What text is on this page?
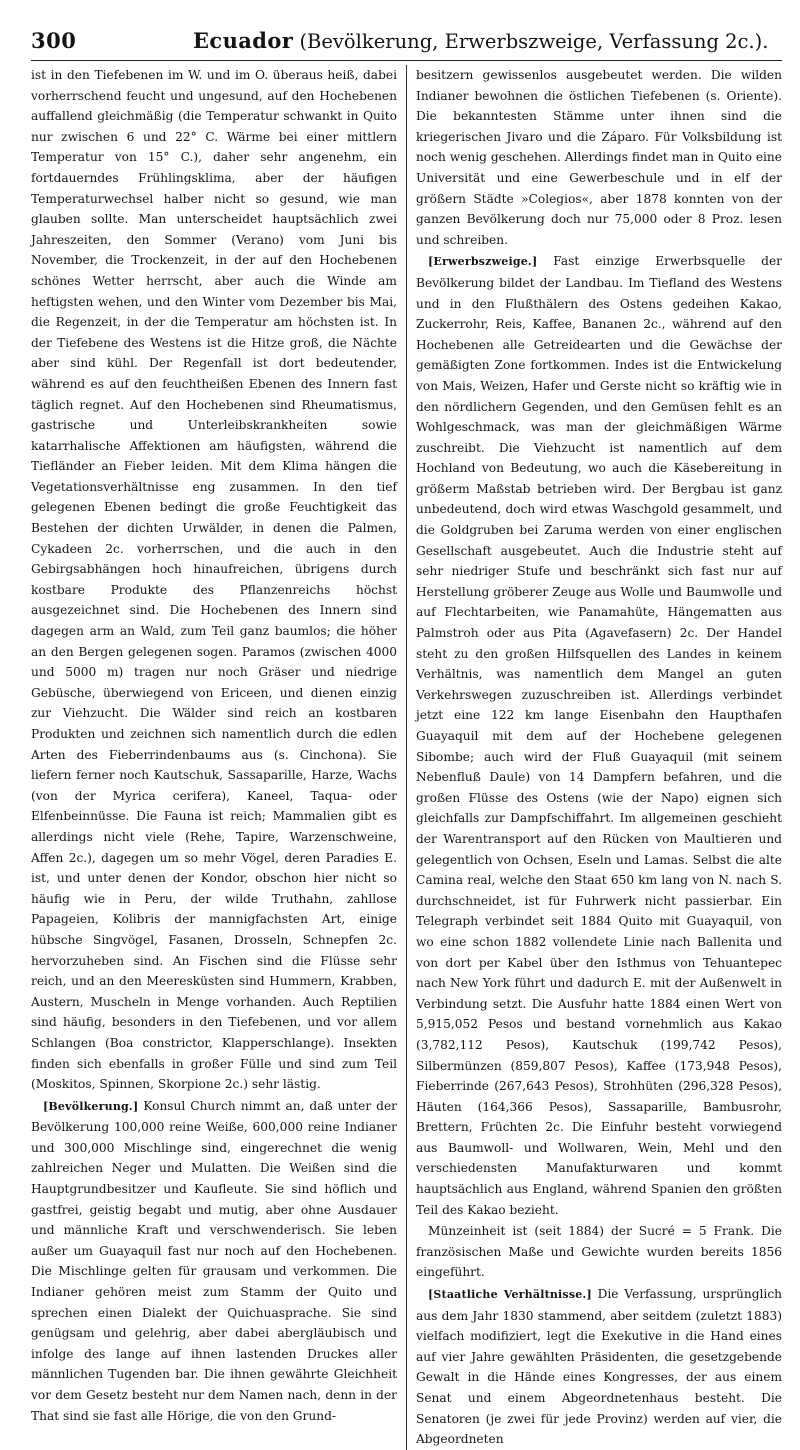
300	Ecuador (Bevölkerung, Erwerbszweige, Verfassung 2c.).

ist in den Tiefebenen im W. und im O. überaus heiß, dabei vorherrschend feucht und ungesund, auf den Hochebenen auffallend gleichmäßig (die Temperatur schwankt in Quito nur zwischen 6 und 22° C. Wärme bei einer mittlern Temperatur von 15° C.), daher sehr angenehm, ein fortdauerndes Frühlingsklima, aber der häufigen Temperaturwechsel halber nicht so gesund, wie man glauben sollte. Man unterscheidet hauptsächlich zwei Jahreszeiten, den Sommer (Verano) vom Juni bis November, die Trockenzeit, in der auf den Hochebenen schönes Wetter herrscht, aber auch die Winde am heftigsten wehen, und den Winter vom Dezember bis Mai, die Regenzeit, in der die Temperatur am höchsten ist. In der Tiefebene des Westens ist die Hitze groß, die Nächte aber sind kühl. Der Regenfall ist dort bedeutender, während es auf den feuchtheißen Ebenen des Innern fast täglich regnet. Auf den Hochebenen sind Rheumatismus, gastrische und Unterleibskrankheiten sowie katarrhalische Affektionen am häufigsten, während die Tiefländer an Fieber leiden. Mit dem Klima hängen die Vegetationsverhältnisse eng zusammen. In den tief gelegenen Ebenen bedingt die große Feuchtigkeit das Bestehen der dichten Urwälder, in denen die Palmen, Cykadeen 2c. vorherrschen, und die auch in den Gebirgsabhängen hoch hinaufreichen, übrigens durch kostbare Produkte des Pflanzenreichs höchst ausgezeichnet sind. Die Hochebenen des Innern sind dagegen arm an Wald, zum Teil ganz baumlos; die höher an den Bergen gelegenen sogen. Paramos (zwischen 4000 und 5000 m) tragen nur noch Gräser und niedrige Gebüsche, überwiegend von Ericeen, und dienen einzig zur Viehzucht. Die Wälder sind reich an kostbaren Produkten und zeichnen sich namentlich durch die edlen Arten des Fieberrindenbaums aus (s. Cinchona). Sie liefern ferner noch Kautschuk, Sassaparille, Harze, Wachs (von der Myrica cerifera), Kaneel, Taqua- oder Elfenbeinnüsse. Die Fauna ist reich; Mammalien gibt es allerdings nicht viele (Rehe, Tapire, Warzenschweine, Affen 2c.), dagegen um so mehr Vögel, deren Paradies E. ist, und unter denen der Kondor, obschon hier nicht so häufig wie in Peru, der wilde Truthahn, zahllose Papageien, Kolibris der mannigfachsten Art, einige hübsche Singvögel, Fasanen, Drosseln, Schnepfen 2c. hervorzuheben sind. An Fischen sind die Flüsse sehr reich, und an den Meeresküsten sind Hummern, Krabben, Austern, Muscheln in Menge vorhanden. Auch Reptilien sind häufig, besonders in den Tiefebenen, und vor allem Schlangen (Boa constrictor, Klapperschlange). Insekten finden sich ebenfalls in großer Fülle und sind zum Teil (Moskitos, Spinnen, Skorpione 2c.) sehr lästig.

[Bevölkerung.] Konsul Church nimmt an, daß unter der Bevölkerung 100,000 reine Weiße, 600,000 reine Indianer und 300,000 Mischlinge sind, eingerechnet die wenig zahlreichen Neger und Mulatten. Die Weißen sind die Hauptgrundbesitzer und Kaufleute. Sie sind höflich und gastfrei, geistig begabt und mutig, aber ohne Ausdauer und männliche Kraft und verschwenderisch. Sie leben außer um Guayaquil fast nur noch auf den Hochebenen. Die Mischlinge gelten für grausam und verkommen. Die Indianer gehören meist zum Stamm der Quito und sprechen einen Dialekt der Quichuasprache. Sie sind genügsam und gelehrig, aber dabei abergläubisch und infolge des lange auf ihnen lastenden Druckes aller männlichen Tugenden bar. Die ihnen gewährte Gleichheit vor dem Gesetz besteht nur dem Namen nach, denn in der That sind sie fast alle Hörige, die von den Grund-

besitzern gewissenlos ausgebeutet werden. Die wilden Indianer bewohnen die östlichen Tiefebenen (s. Oriente). Die bekanntesten Stämme unter ihnen sind die kriegerischen Jivaro und die Záparo. Für Volksbildung ist noch wenig geschehen. Allerdings findet man in Quito eine Universität und eine Gewerbeschule und in elf der größern Städte »Colegios«, aber 1878 konnten von der ganzen Bevölkerung doch nur 75,000 oder 8 Proz. lesen und schreiben.

[Erwerbszweige.] Fast einzige Erwerbsquelle der Bevölkerung bildet der Landbau. Im Tiefland des Westens und in den Flußthälern des Ostens gedeihen Kakao, Zuckerrohr, Reis, Kaffee, Bananen 2c., während auf den Hochebenen alle Getreidearten und die Gewächse der gemäßigten Zone fortkommen. Indes ist die Entwickelung von Mais, Weizen, Hafer und Gerste nicht so kräftig wie in den nördlichern Gegenden, und den Gemüsen fehlt es an Wohlgeschmack, was man der gleichmäßigen Wärme zuschreibt. Die Viehzucht ist namentlich auf dem Hochland von Bedeutung, wo auch die Käsebereitung in größerm Maßstab betrieben wird. Der Bergbau ist ganz unbedeutend, doch wird etwas Waschgold gesammelt, und die Goldgruben bei Zaruma werden von einer englischen Gesellschaft ausgebeutet. Auch die Industrie steht auf sehr niedriger Stufe und beschränkt sich fast nur auf Herstellung gröberer Zeuge aus Wolle und Baumwolle und auf Flechtarbeiten, wie Panamahüte, Hängematten aus Palmstroh oder aus Pita (Agavefasern) 2c. Der Handel steht zu den großen Hilfsquellen des Landes in keinem Verhältnis, was namentlich dem Mangel an guten Verkehrswegen zuzuschreiben ist. Allerdings verbindet jetzt eine 122 km lange Eisenbahn den Haupthafen Guayaquil mit dem auf der Hochebene gelegenen Sibombe; auch wird der Fluß Guayaquil (mit seinem Nebenfluß Daule) von 14 Dampfern befahren, und die großen Flüsse des Ostens (wie der Napo) eignen sich gleichfalls zur Dampfschiffahrt. Im allgemeinen geschieht der Warentransport auf den Rücken von Maultieren und gelegentlich von Ochsen, Eseln und Lamas. Selbst die alte Camina real, welche den Staat 650 km lang von N. nach S. durchschneidet, ist für Fuhrwerk nicht passierbar. Ein Telegraph verbindet seit 1884 Quito mit Guayaquil, von wo eine schon 1882 vollendete Linie nach Ballenita und von dort per Kabel über den Isthmus von Tehuantepec nach New York führt und dadurch E. mit der Außenwelt in Verbindung setzt. Die Ausfuhr hatte 1884 einen Wert von 5,915,052 Pesos und bestand vornehmlich aus Kakao (3,782,112 Pesos), Kautschuk (199,742 Pesos), Silbermünzen (859,807 Pesos), Kaffee (173,948 Pesos), Fieberrinde (267,643 Pesos), Strohhüten (296,328 Pesos), Häuten (164,366 Pesos), Sassaparille, Bambusrohr, Brettern, Früchten 2c. Die Einfuhr besteht vorwiegend aus Baumwoll- und Wollwaren, Wein, Mehl und den verschiedensten Manufakturwaren und kommt hauptsächlich aus England, während Spanien den größten Teil des Kakao bezieht.

Münzeinheit ist (seit 1884) der Sucré = 5 Frank. Die französischen Maße und Gewichte wurden bereits 1856 eingeführt.

[Staatliche Verhältnisse.] Die Verfassung, ursprünglich aus dem Jahr 1830 stammend, aber seitdem (zuletzt 1883) vielfach modifiziert, legt die Exekutive in die Hand eines auf vier Jahre gewählten Präsidenten, die gesetzgebende Gewalt in die Hände eines Kongresses, der aus einem Senat und einem Abgeordnetenhaus besteht. Die Senatoren (je zwei für jede Provinz) werden auf vier, die Abgeordneten
